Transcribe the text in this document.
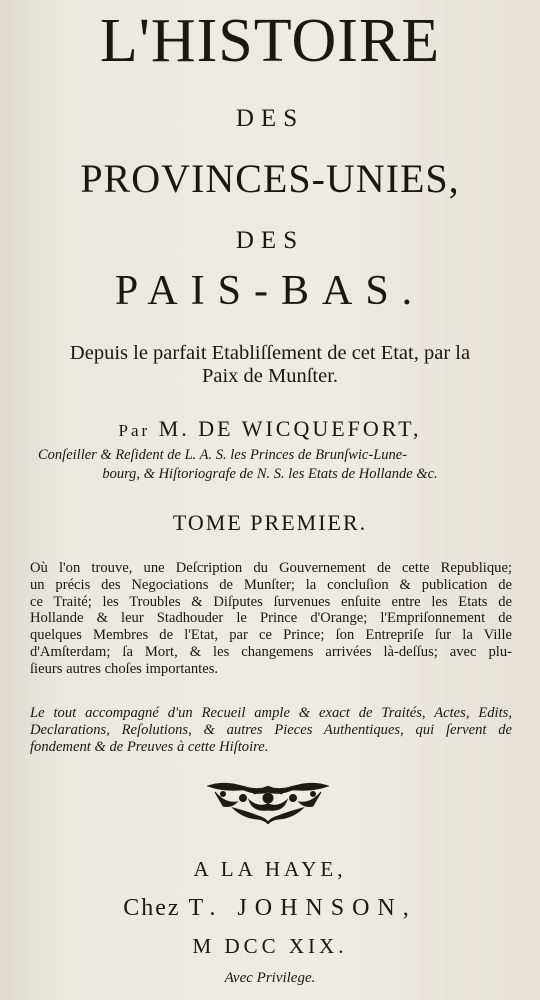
L'HISTOIRE
DES
PROVINCES-UNIES,
DES
PAIS-BAS.
Depuis le parfait Etabliſſement de cet Etat, par la
Paix de Munſter.
Par M. DE WICQUEFORT,
Conſeiller & Reſident de L. A. S. les Princes de Brunſwic-Lune-
bourg, & Hiſtoriografe de N. S. les Etats de Hollande &c.
TOME PREMIER.
Où l'on trouve, une Deſcription du Gouvernement de cette Republique;
un précis des Negociations de Munſter; la concluſion & publication de
ce Traité; les Troubles & Diſputes ſurvenues enſuite entre les Etats de
Hollande & leur Stadhouder le Prince d'Orange; l'Empriſonnement de
quelques Membres de l'Etat, par ce Prince; ſon Entrepriſe ſur la Ville
d'Amſterdam; ſa Mort, & les changemens arrivées là-deſſus; avec plu-
ſieurs autres choſes importantes.
Le tout accompagné d'un Recueil ample & exact de Traités, Actes, Edits,
Declarations, Reſolutions, & autres Pieces Authentiques, qui ſervent de
fondement & de Preuves à cette Hiſtoire.
A LA HAYE,
Chez T. JOHNSON,
M DCC XIX.
Avec Privilege.
